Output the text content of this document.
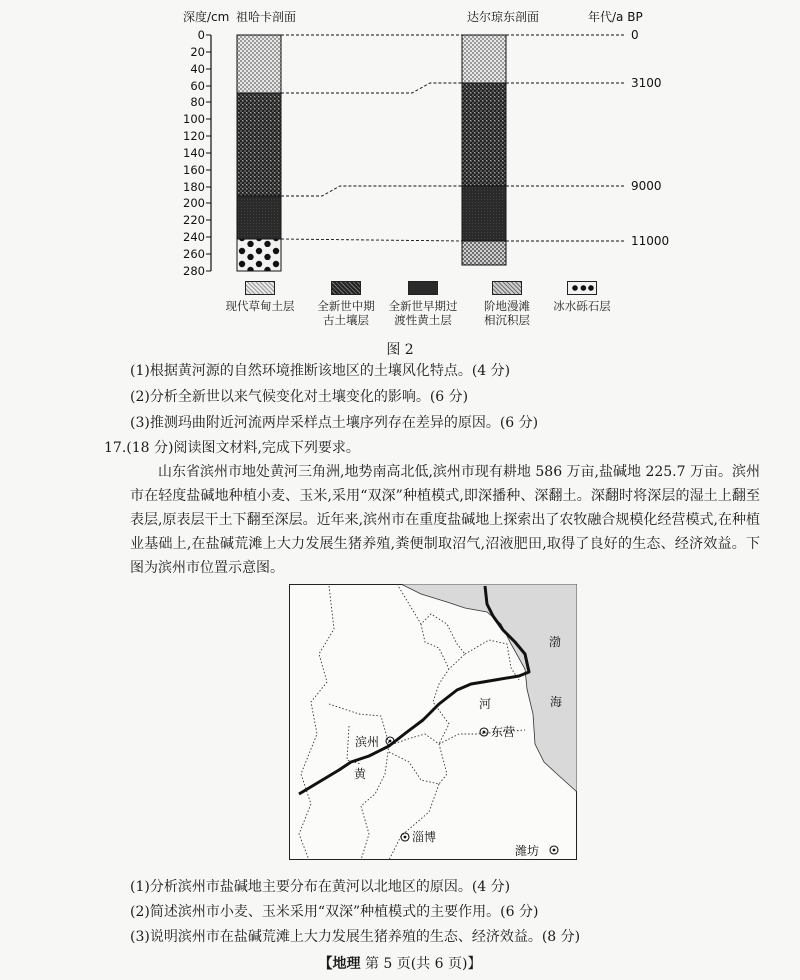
深度/cm 祖哈卡剖面	达尔琼东剖面	年代/a BP
0
20
40
60
80
100
120
140
160
180
200
220
240
260
280
0
3100
9000
11000
现代草甸土层	全新世中期
古土壤层
全新世早期过
渡性黄土层
阶地漫滩
相沉积层
冰水砾石层
图 2
(1)根据黄河源的自然环境推断该地区的土壤风化特点。(4 分)
(2)分析全新世以来气候变化对土壤变化的影响。(6 分)
(3)推测玛曲附近河流两岸采样点土壤序列存在差异的原因。(6 分)
17.(18 分)阅读图文材料,完成下列要求。
山东省滨州市地处黄河三角洲,地势南高北低,滨州市现有耕地 586 万亩,盐碱地 225.7 万亩。滨州市在轻度盐碱地种植小麦、玉米,采用“双深”种植模式,即深播种、深翻土。深翻时将深层的湿土上翻至表层,原表层干土下翻至深层。近年来,滨州市在重度盐碱地上探索出了农牧融合规模化经营模式,在种植业基础上,在盐碱荒滩上大力发展生猪养殖,粪便制取沼气,沼液肥田,取得了良好的生态、经济效益。下图为滨州市位置示意图。
滨州
东营
淄博
潍坊
河
黄
渤
海
(1)分析滨州市盐碱地主要分布在黄河以北地区的原因。(4 分)
(2)简述滨州市小麦、玉米采用“双深”种植模式的主要作用。(6 分)
(3)说明滨州市在盐碱荒滩上大力发展生猪养殖的生态、经济效益。(8 分)
【地理 第 5 页(共 6 页)】
